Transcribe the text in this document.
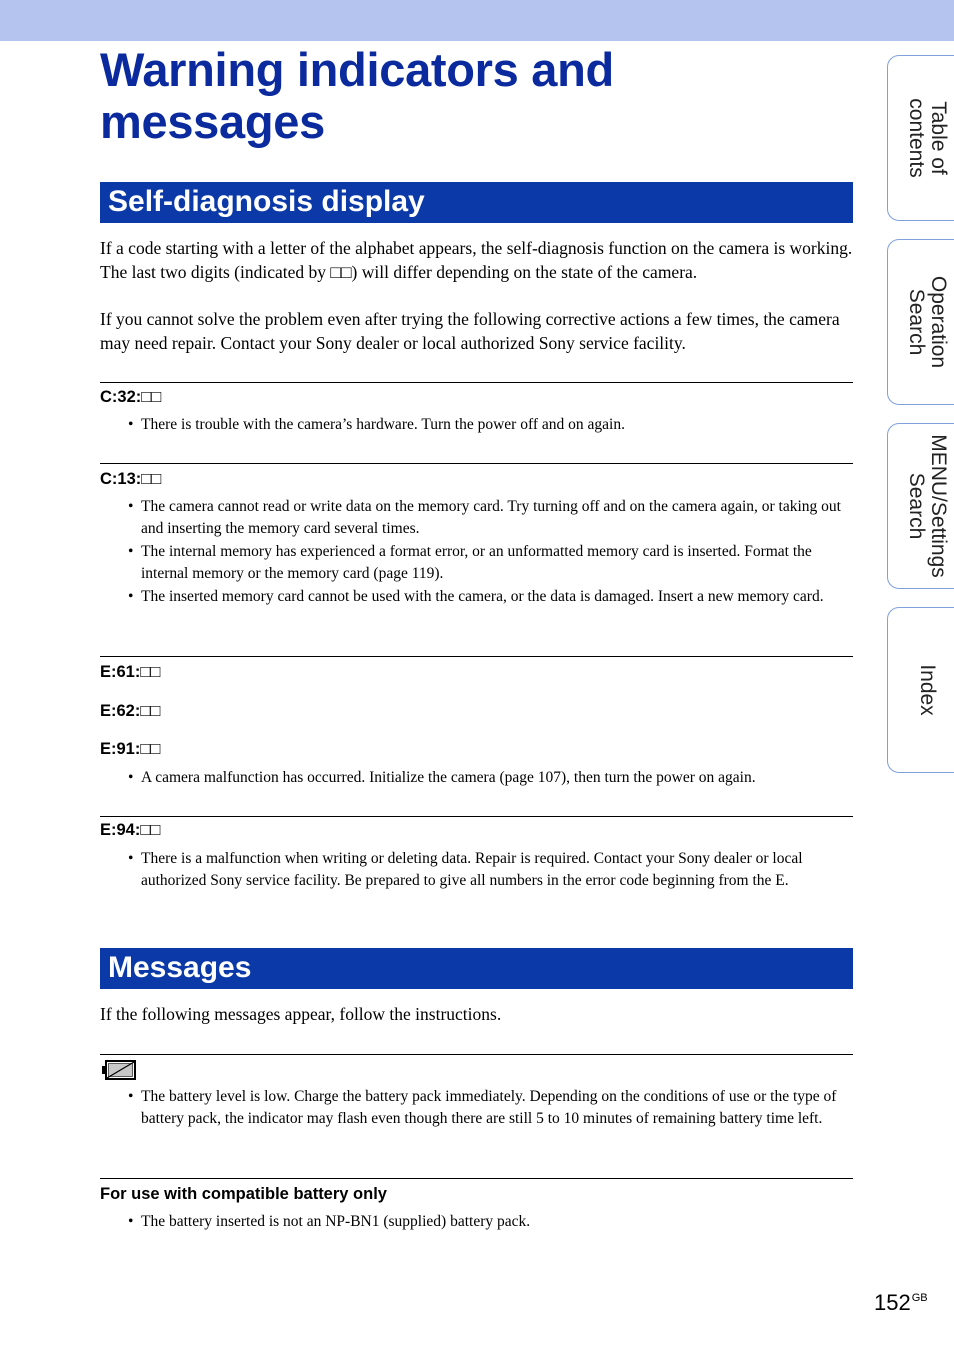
Warning indicators and messages	Table of
contents
Operation
Search
MENU/Settings
Search
Index
Self-diagnosis display

If a code starting with a letter of the alphabet appears, the self-diagnosis function on the camera is working. The last two digits (indicated by □□) will differ depending on the state of the camera.

If you cannot solve the problem even after trying the following corrective actions a few times, the camera may need repair. Contact your Sony dealer or local authorized Sony service facility.

C:32:□□
• There is trouble with the camera’s hardware. Turn the power off and on again.
C:13:□□
• The camera cannot read or write data on the memory card. Try turning off and on the camera again, or taking out and inserting the memory card several times.
• The internal memory has experienced a format error, or an unformatted memory card is inserted. Format the internal memory or the memory card (page 119).
• The inserted memory card cannot be used with the camera, or the data is damaged. Insert a new memory card.
E:61:□□
E:62:□□
E:91:□□
• A camera malfunction has occurred. Initialize the camera (page 107), then turn the power on again.
E:94:□□
• There is a malfunction when writing or deleting data. Repair is required. Contact your Sony dealer or local authorized Sony service facility. Be prepared to give all numbers in the error code beginning from the E.
Messages

If the following messages appear, follow the instructions.

• The battery level is low. Charge the battery pack immediately. Depending on the conditions of use or the type of battery pack, the indicator may flash even though there are still 5 to 10 minutes of remaining battery time left.
For use with compatible battery only
• The battery inserted is not an NP-BN1 (supplied) battery pack.
$152^{GB}$
